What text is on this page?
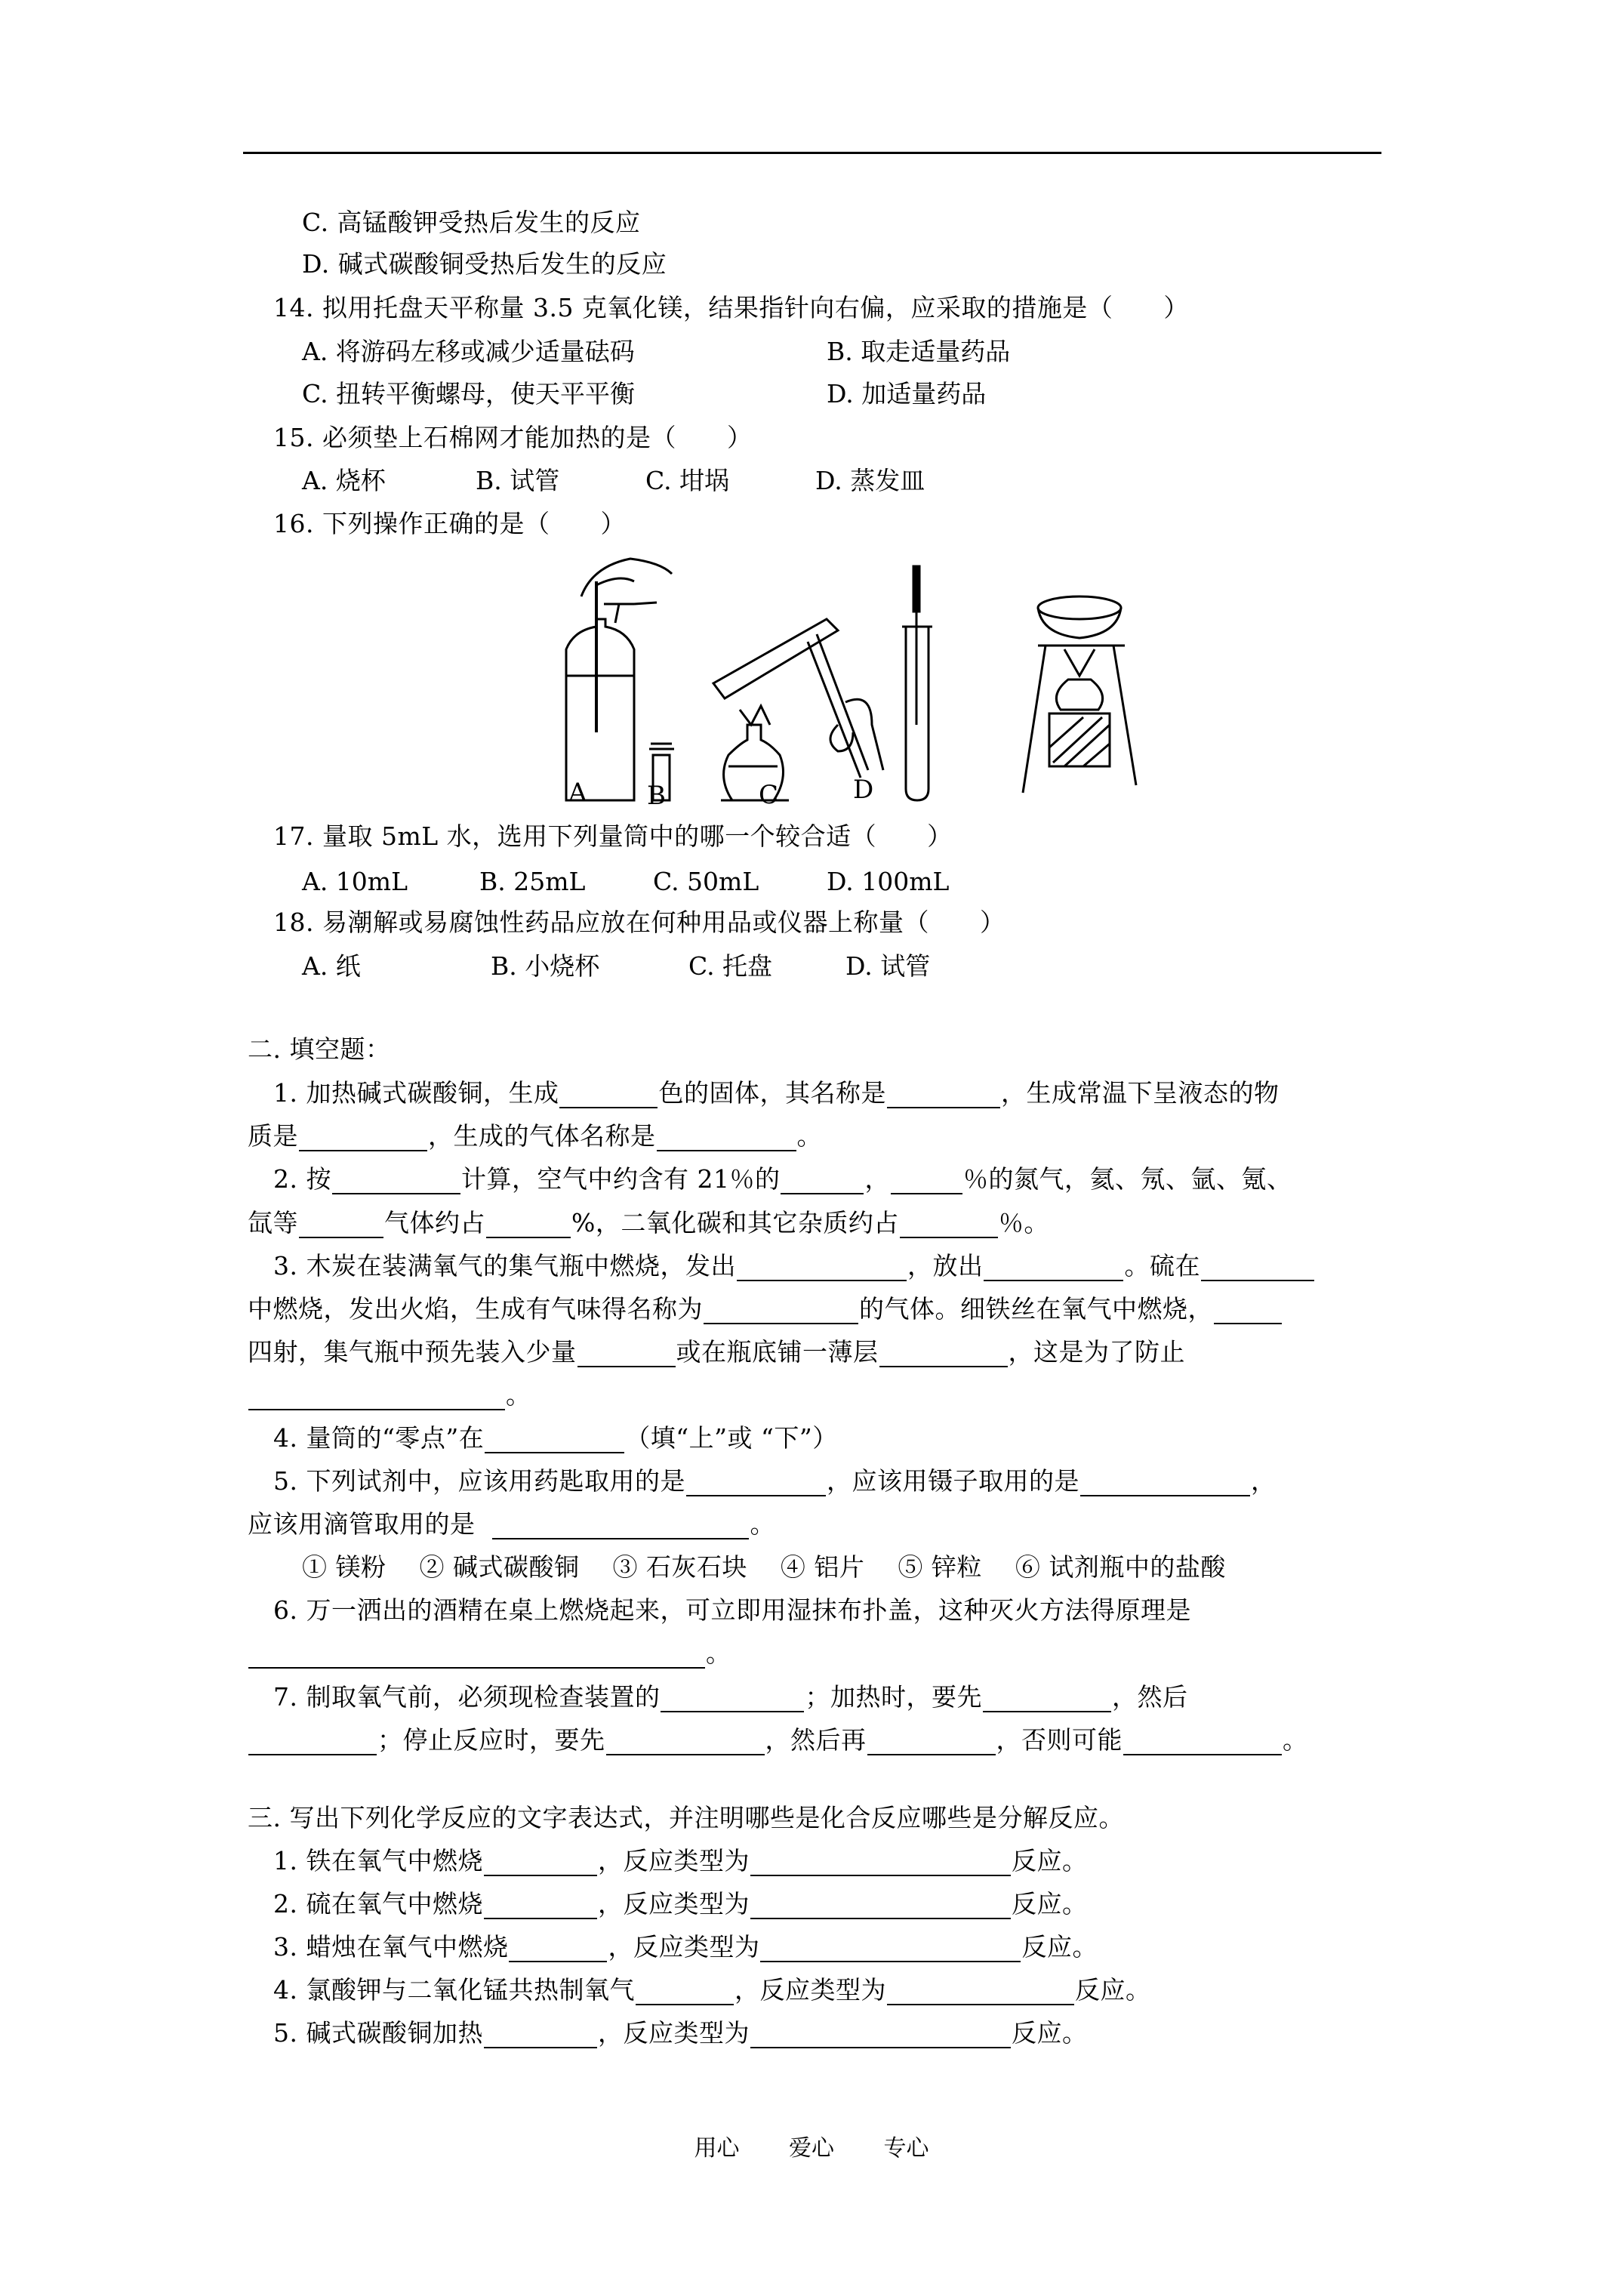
C. 高锰酸钾受热后发生的反应
D. 碱式碳酸铜受热后发生的反应
14. 拟用托盘天平称量 3.5 克氧化镁，结果指针向右偏，应采取的措施是（　　）
A. 将游码左移或减少适量砝码	B. 取走适量药品
C. 扭转平衡螺母，使天平平衡	D. 加适量药品
15. 必须垫上石棉网才能加热的是（　　）
A. 烧杯	B. 试管	C. 坩埚	D. 蒸发皿
16. 下列操作正确的是（　　）
A B	C	D
17. 量取 5mL 水，选用下列量筒中的哪一个较合适（　　）
A. 10mL	B. 25mL	C. 50mL	D. 100mL
18. 易潮解或易腐蚀性药品应放在何种用品或仪器上称量（　　）
A. 纸	B. 小烧杯	C. 托盘	D. 试管
二. 填空题：
1. 加热碱式碳酸铜，生成	色的固体，其名称是	，生成常温下呈液态的物
质是	，生成的气体名称是	。
2. 按	计算，空气中约含有 21％的	，	％的氮气，氦、氖、氩、氪、
氙等	气体约占	%，二氧化碳和其它杂质约占	％。
3. 木炭在装满氧气的集气瓶中燃烧，发出	，放出	。硫在
中燃烧，发出火焰，生成有气味得名称为	的气体。细铁丝在氧气中燃烧，
四射，集气瓶中预先装入少量	或在瓶底铺一薄层	，这是为了防止
。
4. 量筒的“零点”在	（填“上”或 “下”）
5. 下列试剂中，应该用药匙取用的是	，应该用镊子取用的是	，
应该用滴管取用的是	。
① 镁粉 ② 碱式碳酸铜 ③ 石灰石块 ④ 铝片 ⑤ 锌粒 ⑥ 试剂瓶中的盐酸
6. 万一洒出的酒精在桌上燃烧起来，可立即用湿抹布扑盖，这种灭火方法得原理是
。
7. 制取氧气前，必须现检查装置的	；加热时，要先	，然后
；停止反应时，要先	，然后再	，否则可能	。
三. 写出下列化学反应的文字表达式，并注明哪些是化合反应哪些是分解反应。
1. 铁在氧气中燃烧	，反应类型为	反应。
2. 硫在氧气中燃烧	，反应类型为	反应。
3. 蜡烛在氧气中燃烧	，反应类型为	反应。
4. 氯酸钾与二氧化锰共热制氧气	，反应类型为	反应。
5. 碱式碳酸铜加热	，反应类型为	反应。
用心 爱心 专心
